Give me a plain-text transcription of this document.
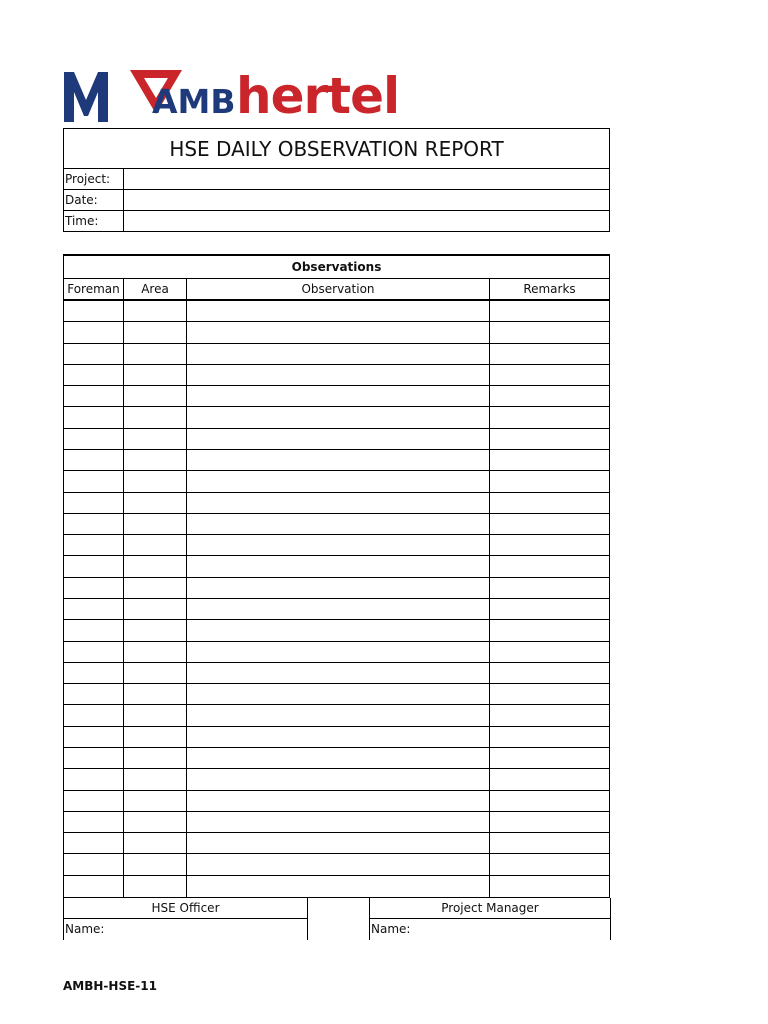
AMB hertel
HSE DAILY OBSERVATION REPORT
Project:
Date:
Time:
Observations
Foreman	Area	Observation	Remarks
HSE Officer
Name:
Project Manager
Name:
AMBH-HSE-11
